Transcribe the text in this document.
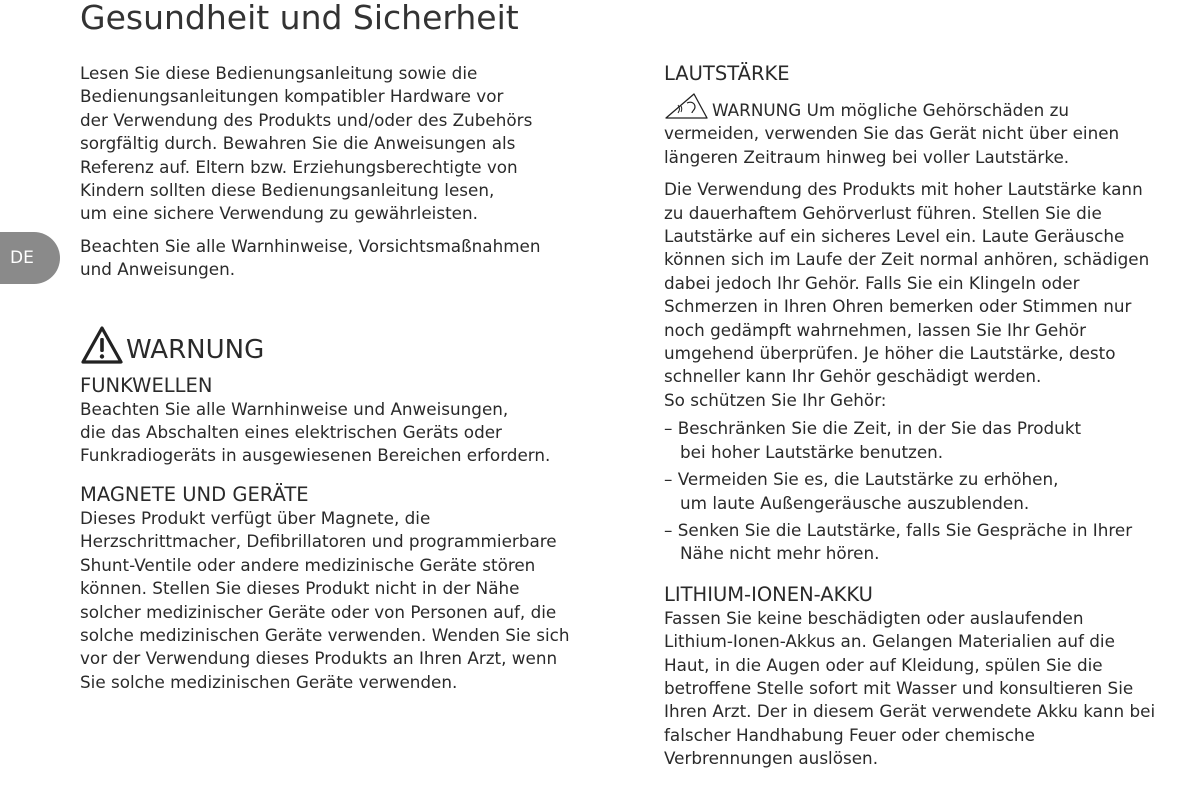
Gesundheit und Sicherheit
DE
Lesen Sie diese Bedienungsanleitung sowie die
Bedienungsanleitungen kompatibler Hardware vor
der Verwendung des Produkts und/oder des Zubehörs
sorgfältig durch. Bewahren Sie die Anweisungen als
Referenz auf. Eltern bzw. Erziehungsberechtigte von
Kindern sollten diese Bedienungsanleitung lesen,
um eine sichere Verwendung zu gewährleisten.
Beachten Sie alle Warnhinweise, Vorsichtsmaßnahmen
und Anweisungen.
WARNUNG
FUNKWELLEN
Beachten Sie alle Warnhinweise und Anweisungen,
die das Abschalten eines elektrischen Geräts oder
Funkradiogeräts in ausgewiesenen Bereichen erfordern.
MAGNETE UND GERÄTE
Dieses Produkt verfügt über Magnete, die
Herzschrittmacher, Defibrillatoren und programmierbare
Shunt-Ventile oder andere medizinische Geräte stören
können. Stellen Sie dieses Produkt nicht in der Nähe
solcher medizinischer Geräte oder von Personen auf, die
solche medizinischen Geräte verwenden. Wenden Sie sich
vor der Verwendung dieses Produkts an Ihren Arzt, wenn
Sie solche medizinischen Geräte verwenden.
LAUTSTÄRKE
WARNUNG Um mögliche Gehörschäden zu
vermeiden, verwenden Sie das Gerät nicht über einen
längeren Zeitraum hinweg bei voller Lautstärke.
Die Verwendung des Produkts mit hoher Lautstärke kann
zu dauerhaftem Gehörverlust führen. Stellen Sie die
Lautstärke auf ein sicheres Level ein. Laute Geräusche
können sich im Laufe der Zeit normal anhören, schädigen
dabei jedoch Ihr Gehör. Falls Sie ein Klingeln oder
Schmerzen in Ihren Ohren bemerken oder Stimmen nur
noch gedämpft wahrnehmen, lassen Sie Ihr Gehör
umgehend überprüfen. Je höher die Lautstärke, desto
schneller kann Ihr Gehör geschädigt werden.
So schützen Sie Ihr Gehör:
– Beschränken Sie die Zeit, in der Sie das Produkt
bei hoher Lautstärke benutzen.
– Vermeiden Sie es, die Lautstärke zu erhöhen,
um laute Außengeräusche auszublenden.
– Senken Sie die Lautstärke, falls Sie Gespräche in Ihrer
Nähe nicht mehr hören.
LITHIUM-IONEN-AKKU
Fassen Sie keine beschädigten oder auslaufenden
Lithium-Ionen-Akkus an. Gelangen Materialien auf die
Haut, in die Augen oder auf Kleidung, spülen Sie die
betroffene Stelle sofort mit Wasser und konsultieren Sie
Ihren Arzt. Der in diesem Gerät verwendete Akku kann bei
falscher Handhabung Feuer oder chemische
Verbrennungen auslösen.
